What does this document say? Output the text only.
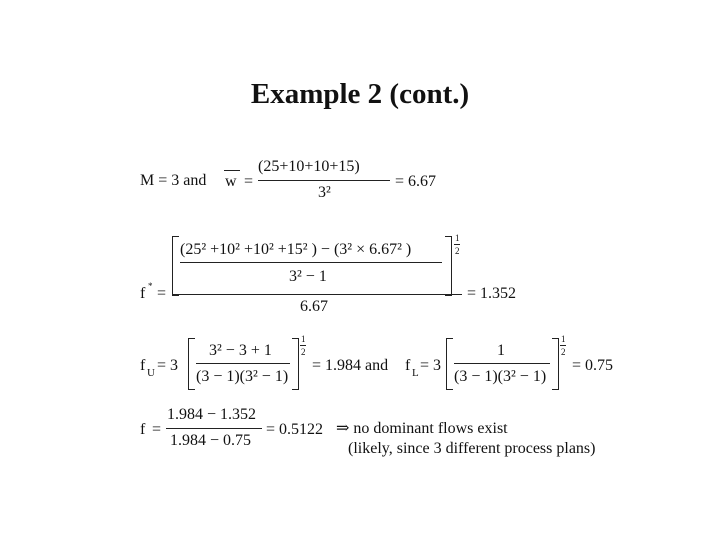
Example 2 (cont.)
M = 3 and w =
(25+10+10+15)
3²
= 6.67
f * =
(25² +10² +10² +15² ) − (3² × 6.67² )
3² − 1
1
2
6.67
= 1.352
f U = 3
3² − 3 + 1
(3 − 1)(3² − 1)
1
2
= 1.984 and f L = 3
1
(3 − 1)(3² − 1)
1
2
= 0.75
f =
1.984 − 1.352
1.984 − 0.75
= 0.5122 ⇒ no dominant flows exist
(likely, since 3 different process plans)
